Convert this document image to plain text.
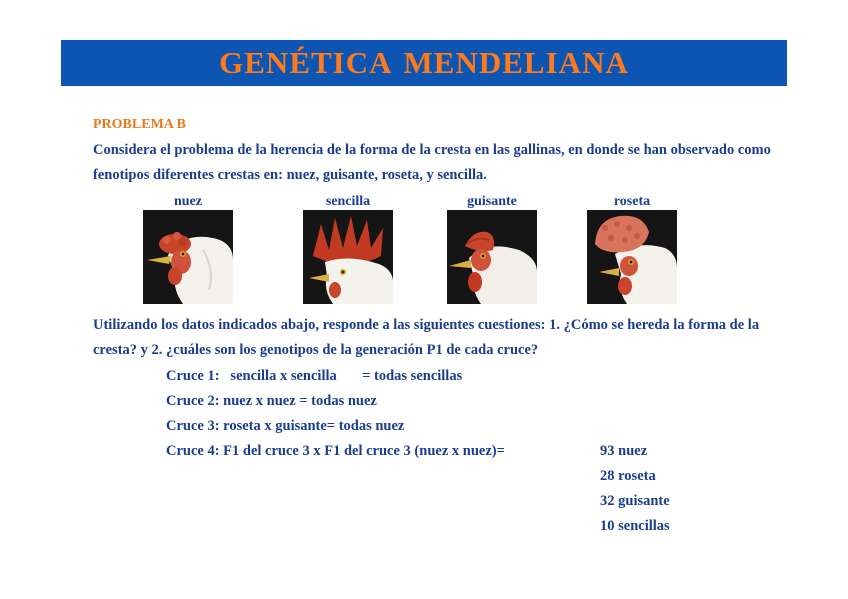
GENÉTICA MENDELIANA
PROBLEMA B
Considera el problema de la herencia de la forma de la cresta en las gallinas, en donde se han observado como fenotipos diferentes crestas en: nuez, guisante, roseta, y sencilla.
nuez	sencilla	guisante	roseta
Utilizando los datos indicados abajo, responde a las siguientes cuestiones: 1. ¿Cómo se hereda la forma de la cresta? y 2. ¿cuáles son los genotipos de la generación P1 de cada cruce?
Cruce 1:   sencilla x sencilla       = todas sencillas
Cruce 2: nuez x nuez = todas nuez
Cruce 3: roseta x guisante= todas nuez
Cruce 4: F1 del cruce 3 x F1 del cruce 3 (nuez x nuez)=	93 nuez
28 roseta
32 guisante
10 sencillas
